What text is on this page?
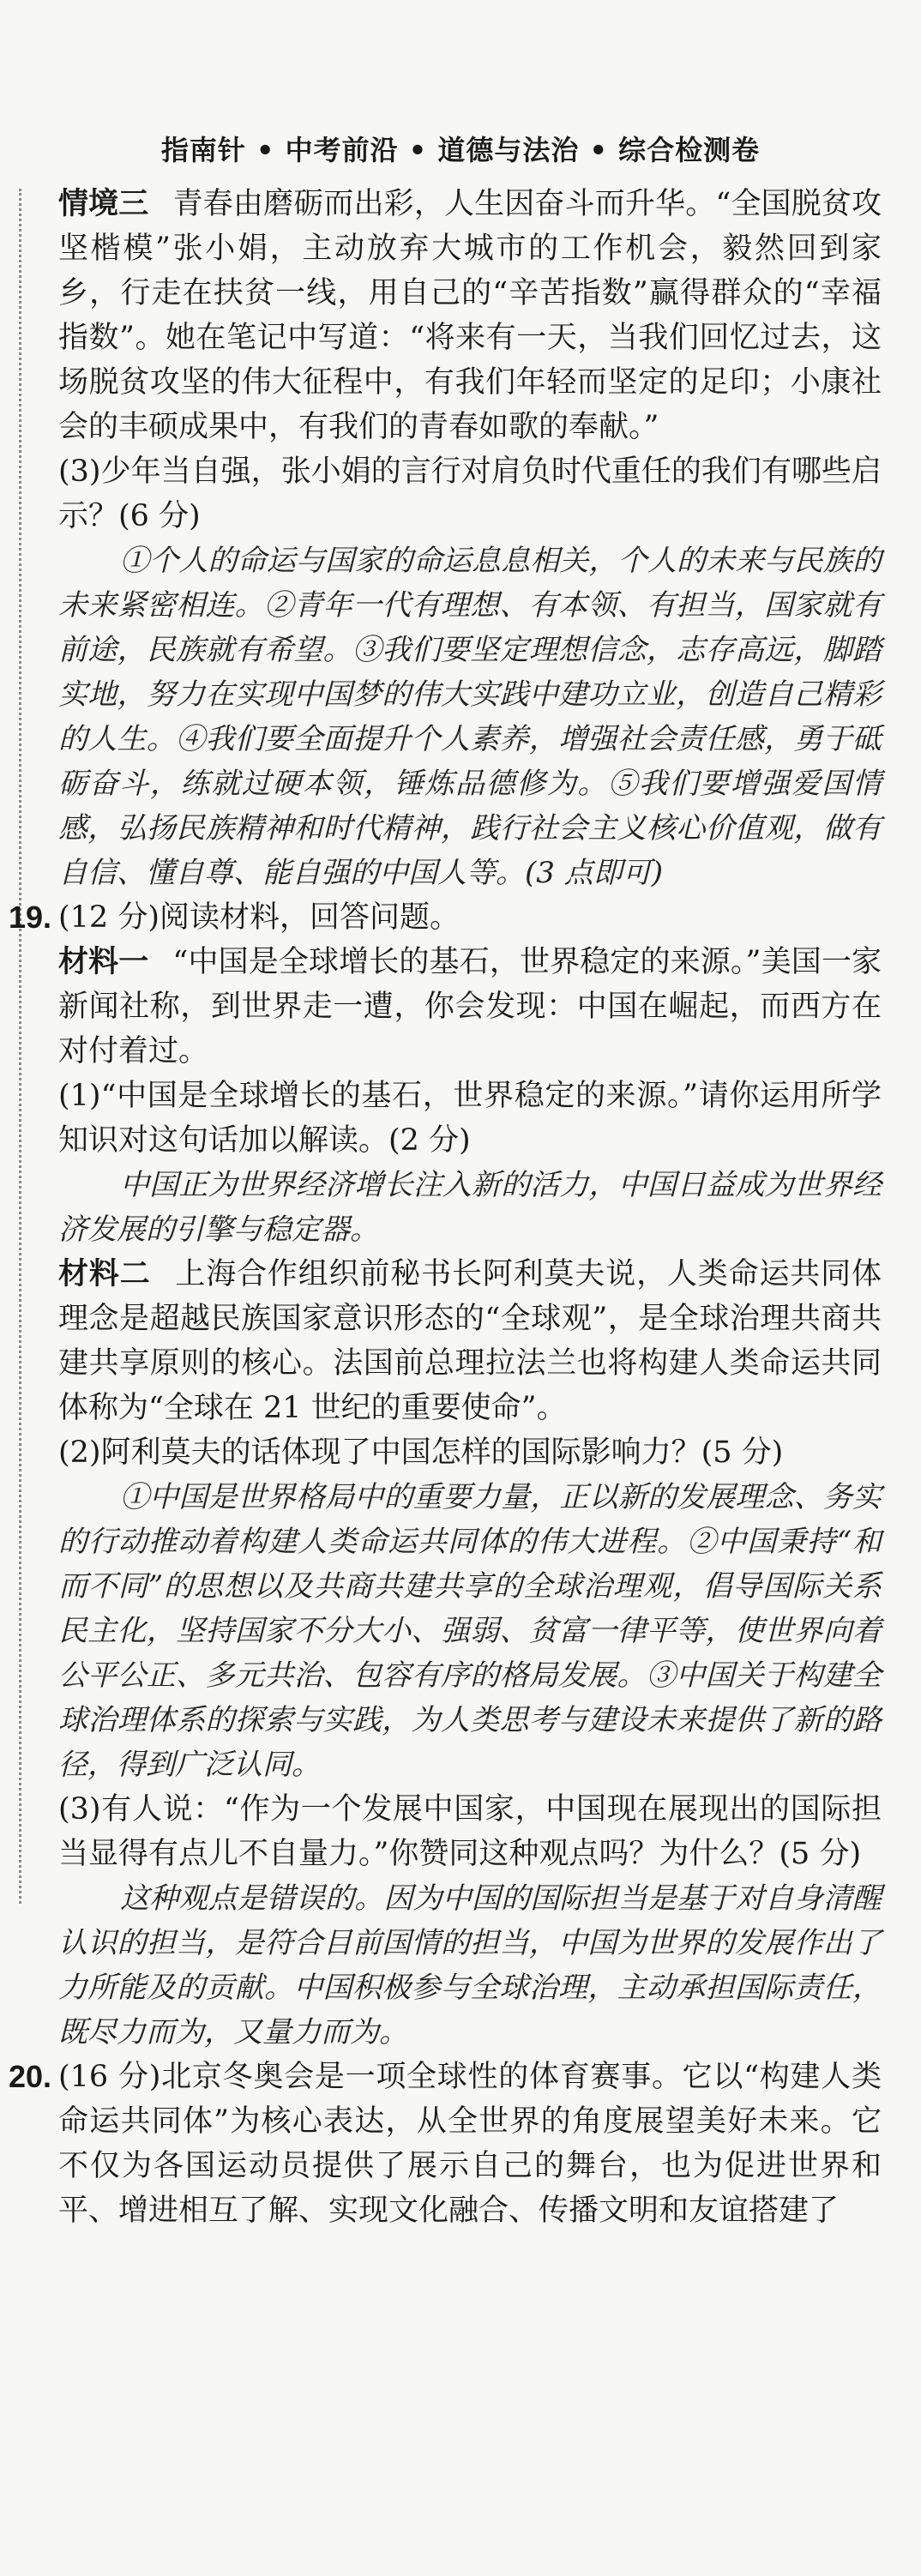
指南针 • 中考前沿 • 道德与法治 • 综合检测卷

情境三 青春由磨砺而出彩，人生因奋斗而升华。“全国脱贫攻坚楷模”张小娟，主动放弃大城市的工作机会，毅然回到家乡，行走在扶贫一线，用自己的“辛苦指数”赢得群众的“幸福指数”。她在笔记中写道：“将来有一天，当我们回忆过去，这场脱贫攻坚的伟大征程中，有我们年轻而坚定的足印；小康社会的丰硕成果中，有我们的青春如歌的奉献。”

(3)少年当自强，张小娟的言行对肩负时代重任的我们有哪些启示？(6 分)

①个人的命运与国家的命运息息相关，个人的未来与民族的未来紧密相连。②青年一代有理想、有本领、有担当，国家就有前途，民族就有希望。③我们要坚定理想信念，志存高远，脚踏实地，努力在实现中国梦的伟大实践中建功立业，创造自己精彩的人生。④我们要全面提升个人素养，增强社会责任感，勇于砥砺奋斗，练就过硬本领，锤炼品德修为。⑤我们要增强爱国情感，弘扬民族精神和时代精神，践行社会主义核心价值观，做有自信、懂自尊、能自强的中国人等。(3 点即可)

19. (12 分)阅读材料，回答问题。

材料一 “中国是全球增长的基石，世界稳定的来源。”美国一家新闻社称，到世界走一遭，你会发现：中国在崛起，而西方在对付着过。

(1)“中国是全球增长的基石，世界稳定的来源。”请你运用所学知识对这句话加以解读。(2 分)

中国正为世界经济增长注入新的活力，中国日益成为世界经济发展的引擎与稳定器。

材料二 上海合作组织前秘书长阿利莫夫说，人类命运共同体理念是超越民族国家意识形态的“全球观”，是全球治理共商共建共享原则的核心。法国前总理拉法兰也将构建人类命运共同体称为“全球在 21 世纪的重要使命”。

(2)阿利莫夫的话体现了中国怎样的国际影响力？(5 分)

①中国是世界格局中的重要力量，正以新的发展理念、务实的行动推动着构建人类命运共同体的伟大进程。②中国秉持“和而不同”的思想以及共商共建共享的全球治理观，倡导国际关系民主化，坚持国家不分大小、强弱、贫富一律平等，使世界向着公平公正、多元共治、包容有序的格局发展。③中国关于构建全球治理体系的探索与实践，为人类思考与建设未来提供了新的路径，得到广泛认同。

(3)有人说：“作为一个发展中国家，中国现在展现出的国际担当显得有点儿不自量力。”你赞同这种观点吗？为什么？(5 分)

这种观点是错误的。因为中国的国际担当是基于对自身清醒认识的担当，是符合目前国情的担当，中国为世界的发展作出了力所能及的贡献。中国积极参与全球治理，主动承担国际责任，既尽力而为，又量力而为。

20. (16 分)北京冬奥会是一项全球性的体育赛事。它以“构建人类命运共同体”为核心表达，从全世界的角度展望美好未来。它不仅为各国运动员提供了展示自己的舞台，也为促进世界和平、增进相互了解、实现文化融合、传播文明和友谊搭建了
